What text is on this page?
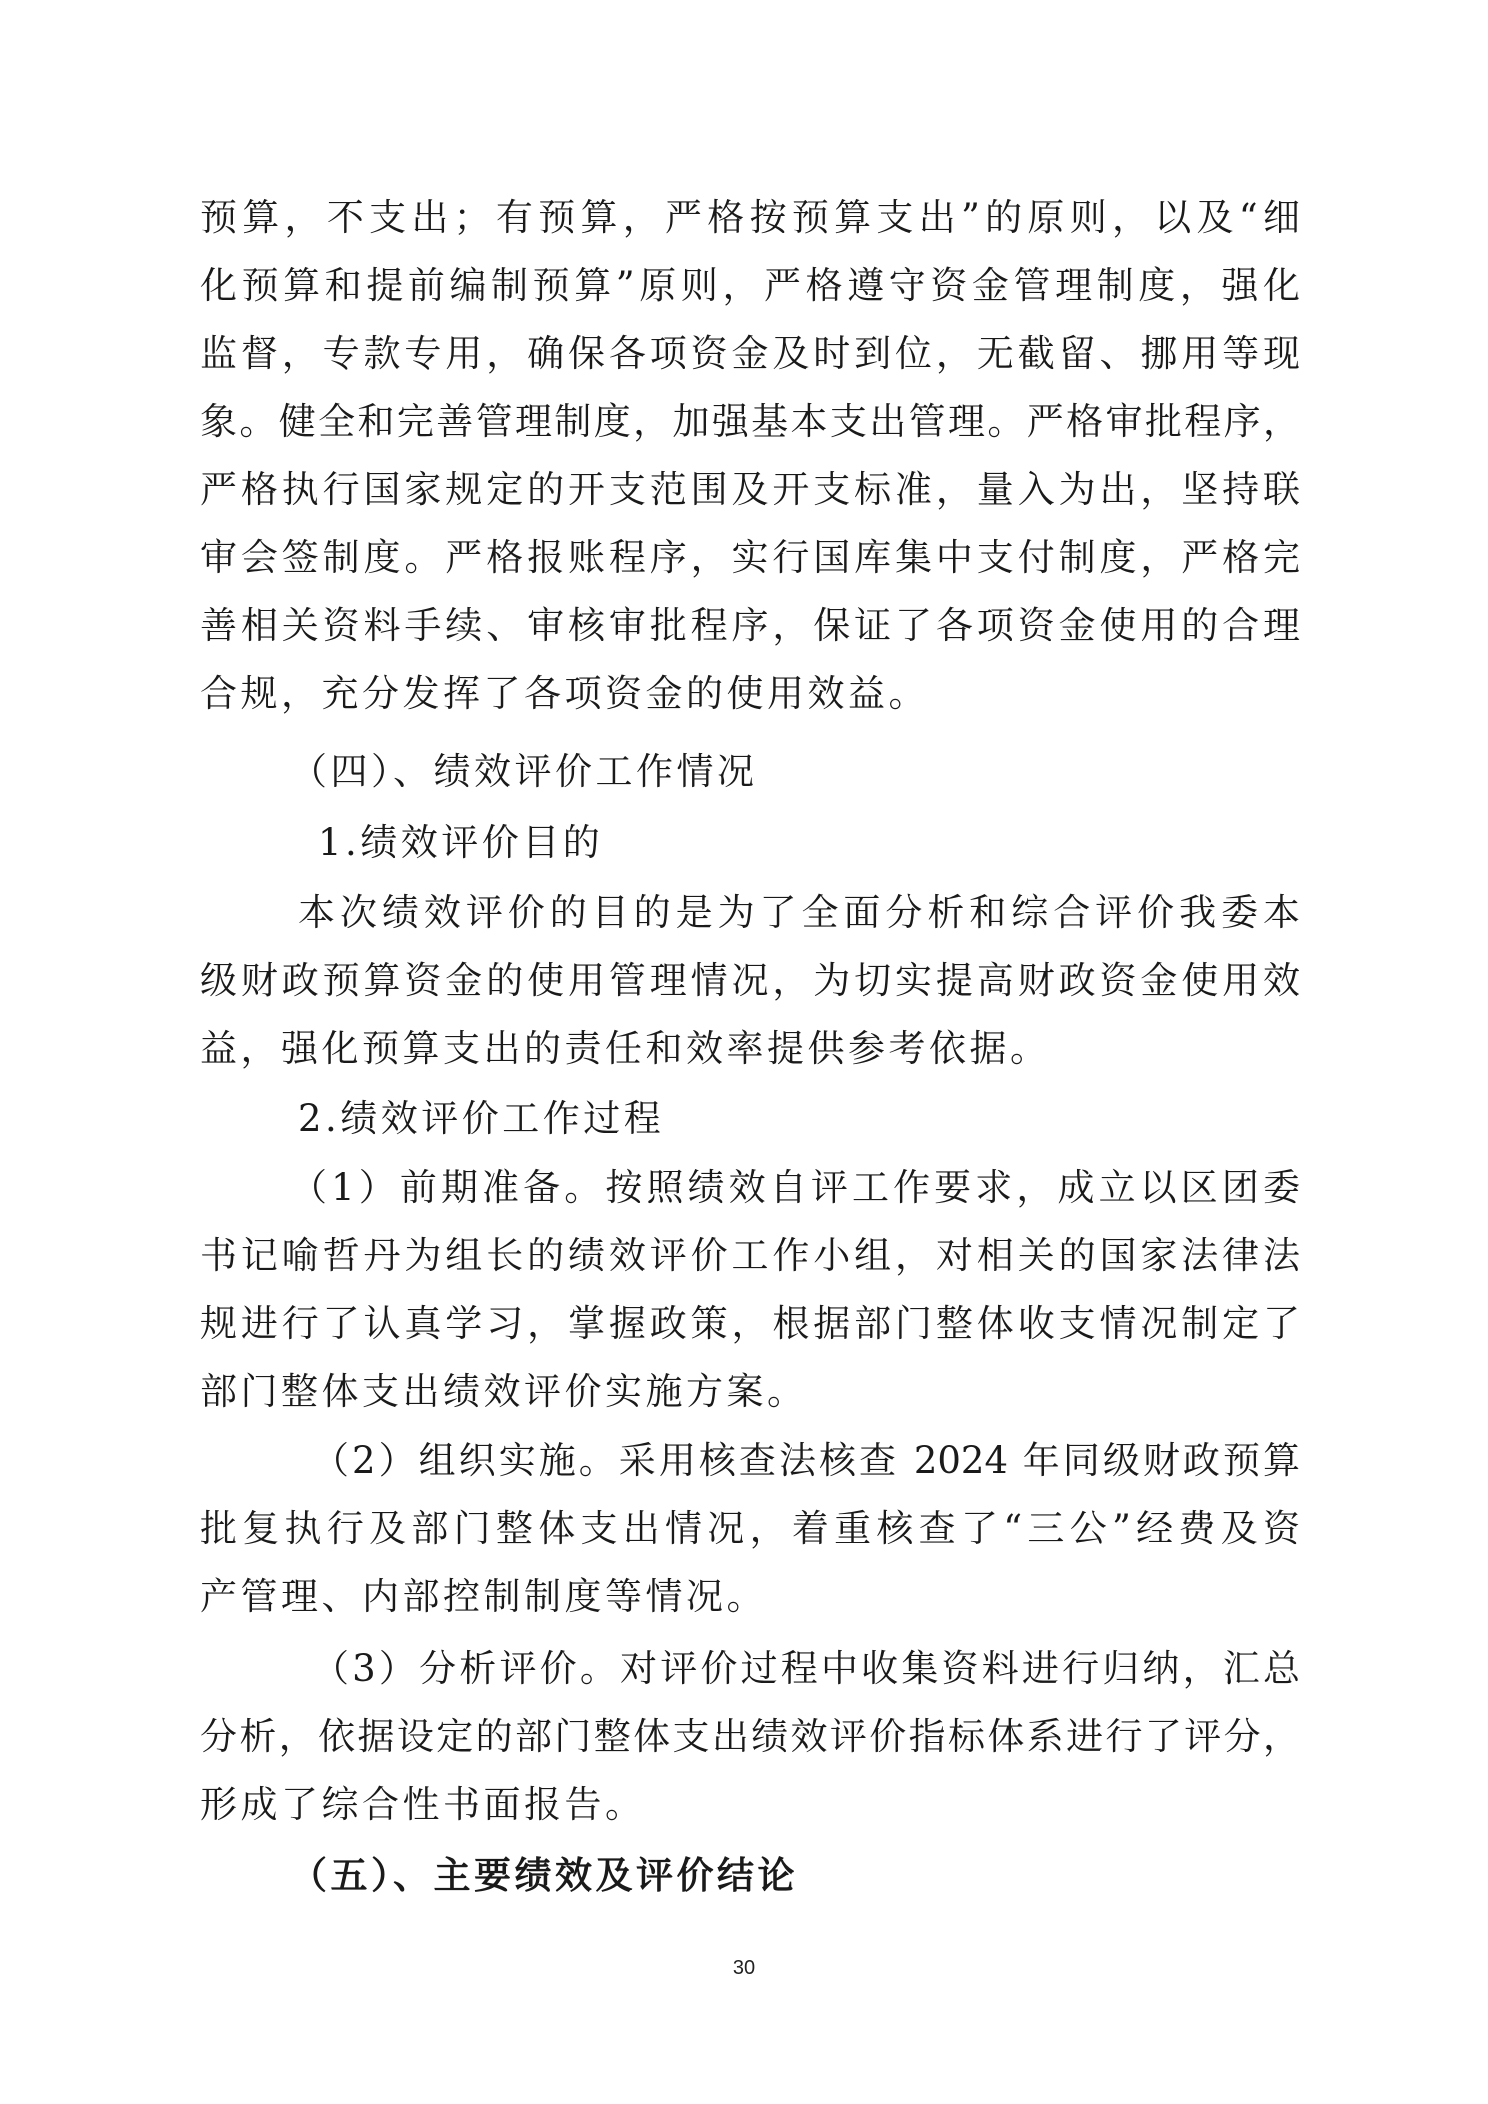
预算，不支出；有预算，严格按预算支出”的原则，以及“细
化预算和提前编制预算”原则，严格遵守资金管理制度，强化
监督，专款专用，确保各项资金及时到位，无截留、挪用等现
象。健全和完善管理制度，加强基本支出管理。严格审批程序，
严格执行国家规定的开支范围及开支标准，量入为出，坚持联
审会签制度。严格报账程序，实行国库集中支付制度，严格完
善相关资料手续、审核审批程序，保证了各项资金使用的合理
合规，充分发挥了各项资金的使用效益。
（四）、绩效评价工作情况
1.绩效评价目的
本次绩效评价的目的是为了全面分析和综合评价我委本
级财政预算资金的使用管理情况，为切实提高财政资金使用效
益，强化预算支出的责任和效率提供参考依据。
2.绩效评价工作过程
（1）前期准备。按照绩效自评工作要求，成立以区团委
书记喻哲丹为组长的绩效评价工作小组，对相关的国家法律法
规进行了认真学习，掌握政策，根据部门整体收支情况制定了
部门整体支出绩效评价实施方案。
（2）组织实施。采用核查法核查 2024 年同级财政预算
批复执行及部门整体支出情况，着重核查了“三公”经费及资
产管理、内部控制制度等情况。
（3）分析评价。对评价过程中收集资料进行归纳，汇总
分析，依据设定的部门整体支出绩效评价指标体系进行了评分，
形成了综合性书面报告。
（五）、主要绩效及评价结论
30
